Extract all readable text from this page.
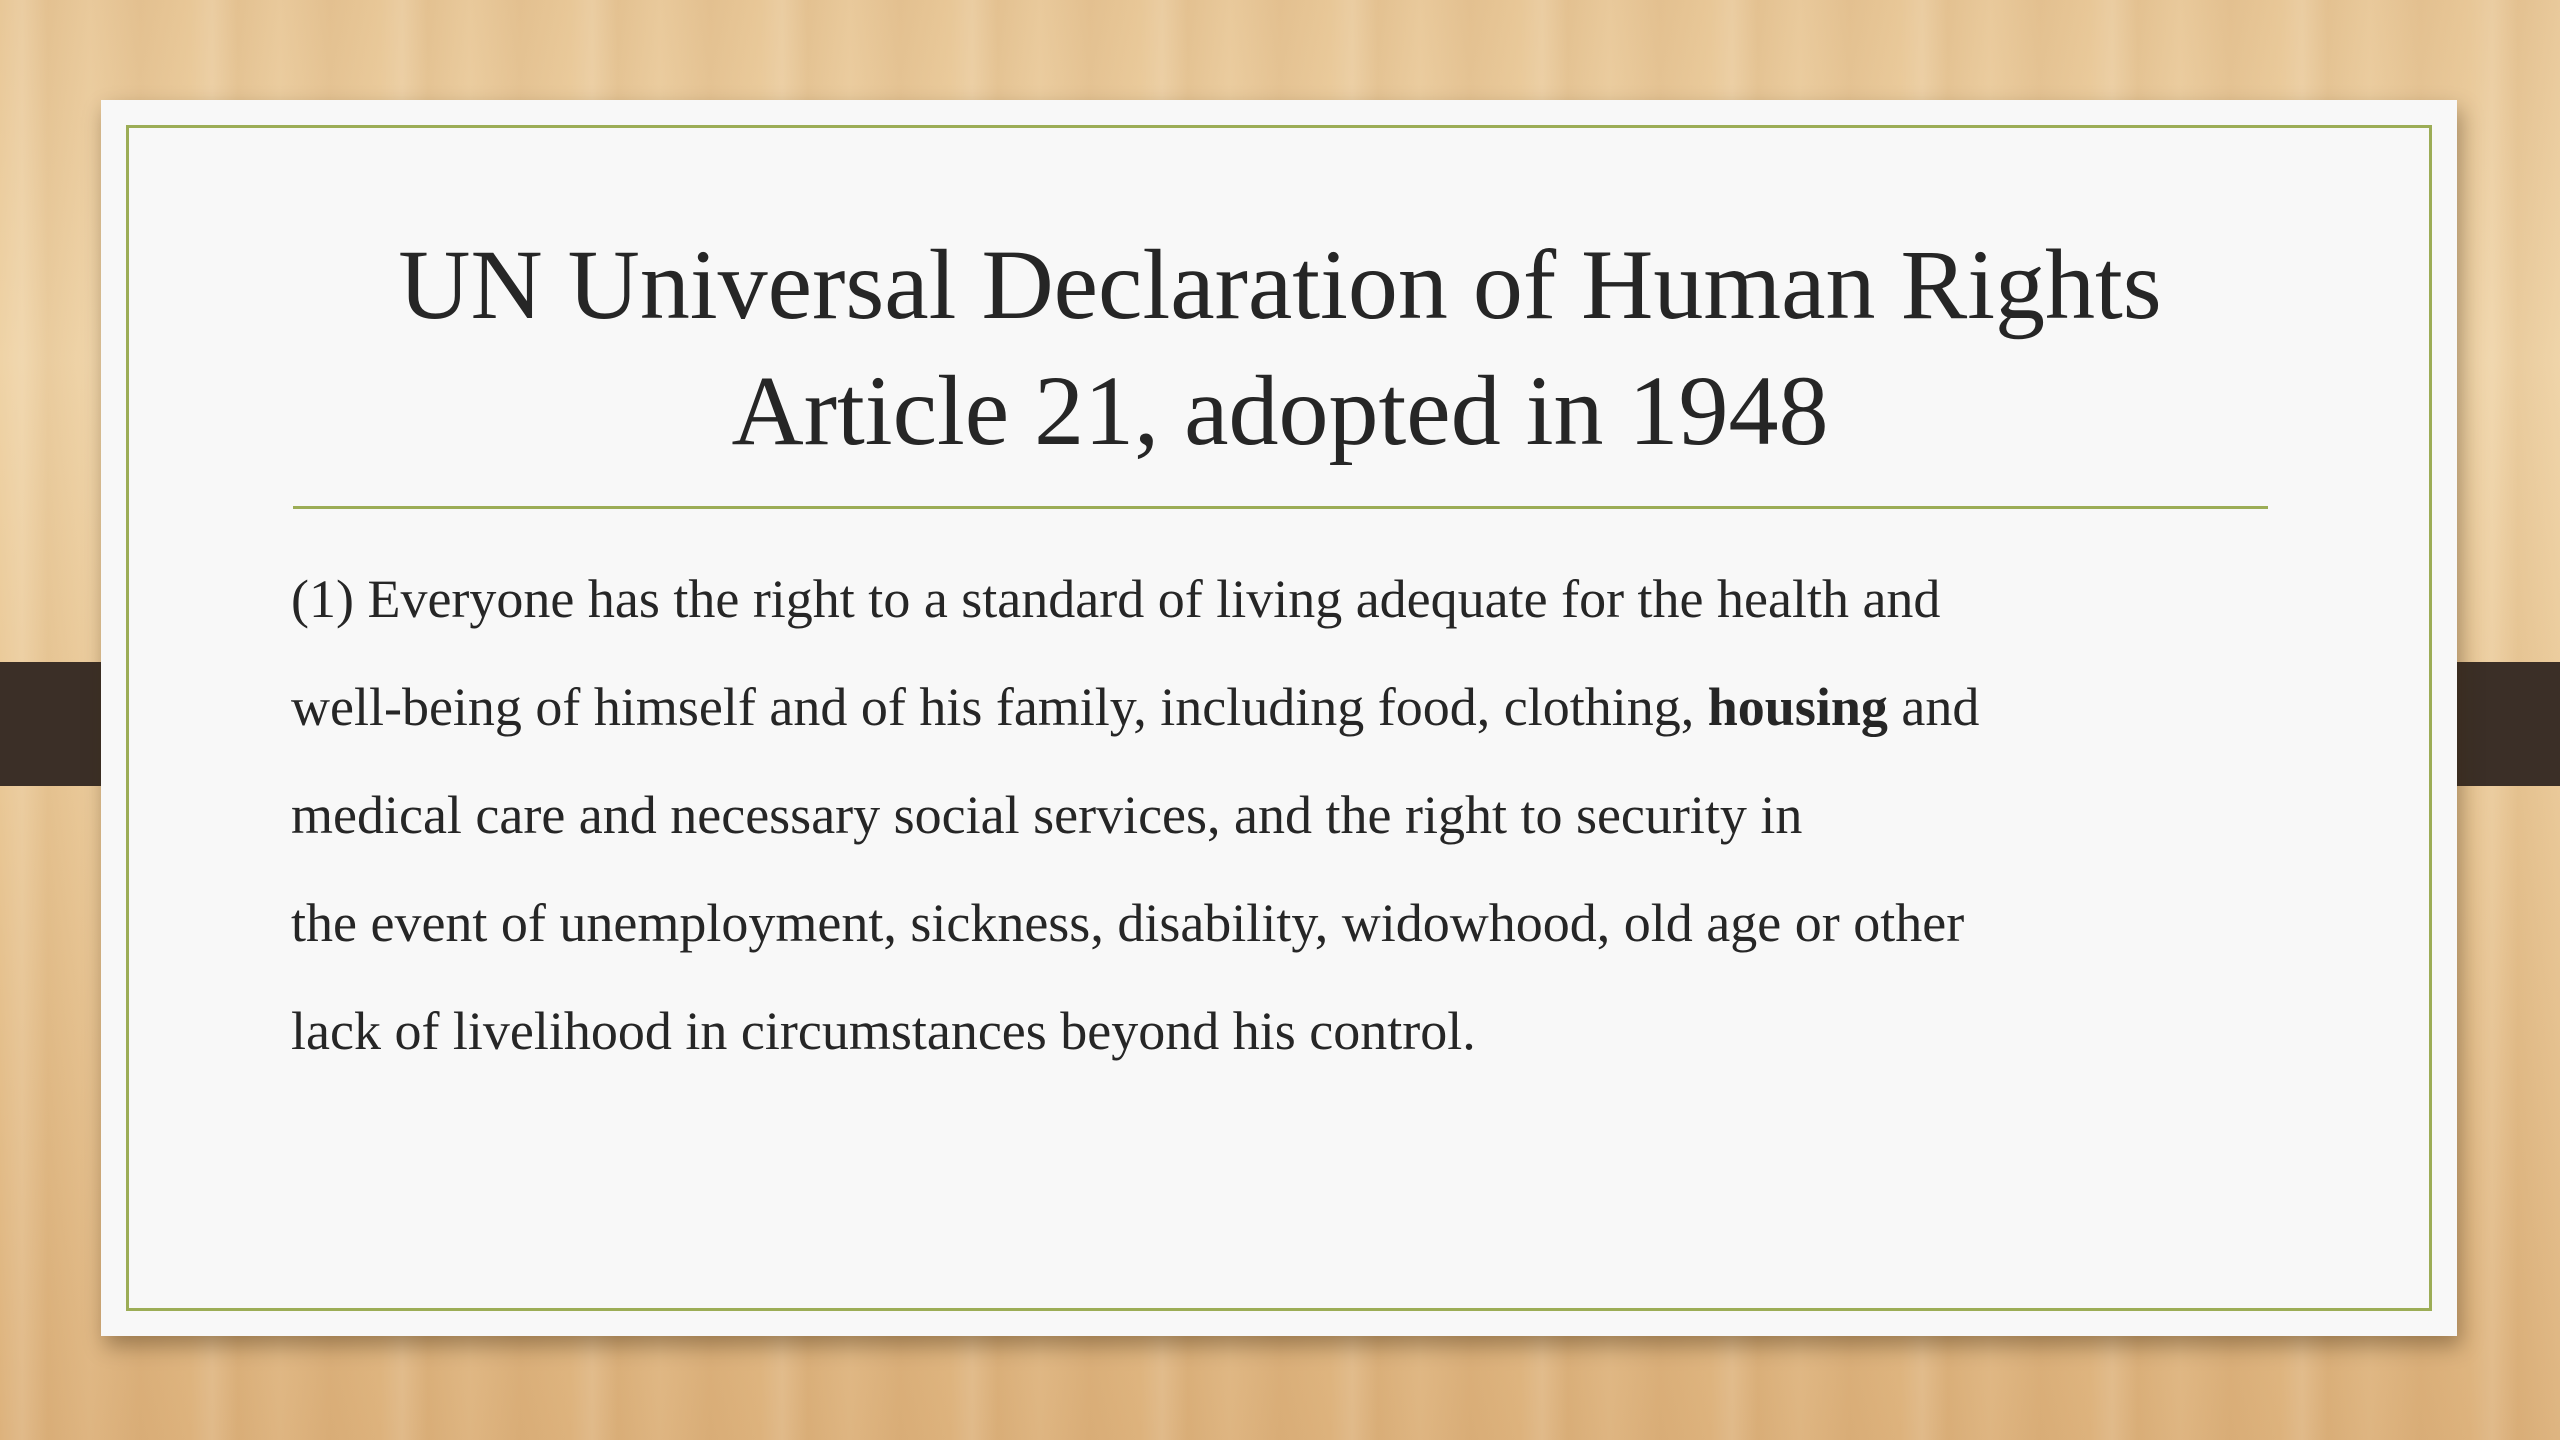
UN Universal Declaration of Human Rights
Article 21, adopted in 1948
(1) Everyone has the right to a standard of living adequate for the health and
well-being of himself and of his family, including food, clothing, housing and
medical care and necessary social services, and the right to security in
the event of unemployment, sickness, disability, widowhood, old age or other
lack of livelihood in circumstances beyond his control.
